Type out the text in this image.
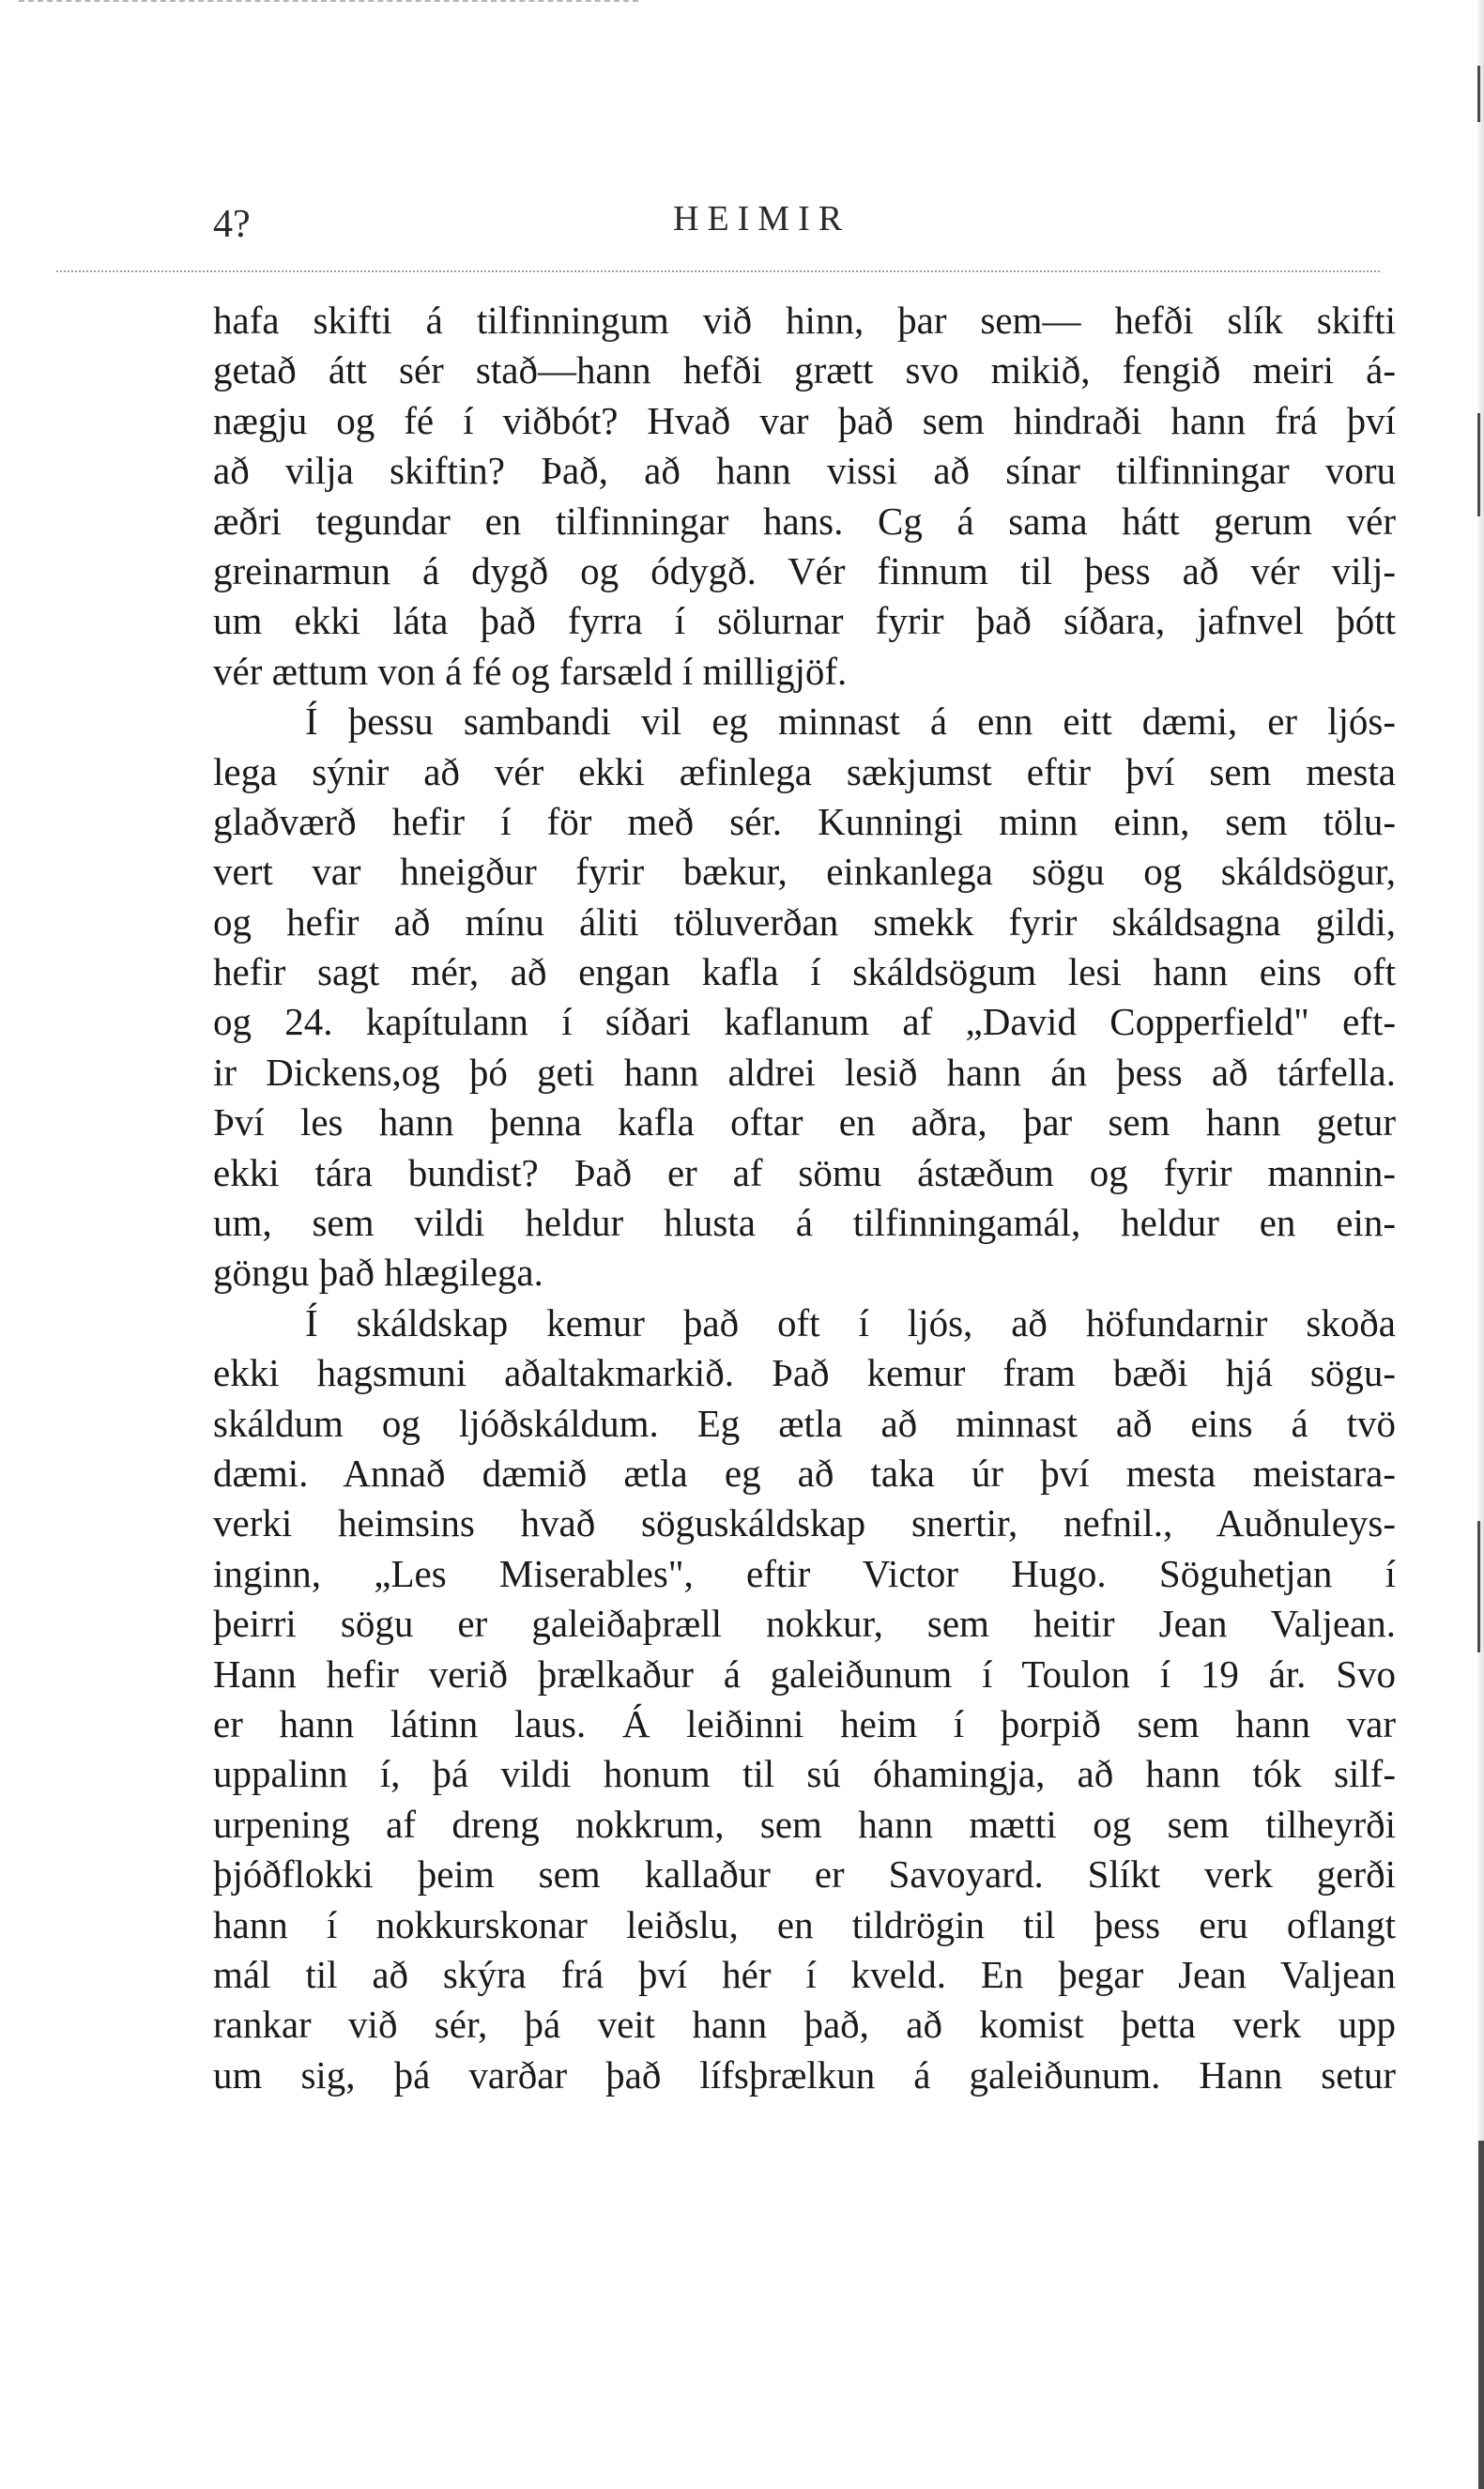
4?	HEIMIR
hafa skifti á tilfinningum við hinn, þar sem— hefði slík skifti
getað átt sér stað—hann hefði grætt svo mikið, fengið meiri á-
nægju og fé í viðbót? Hvað var það sem hindraði hann frá því
að vilja skiftin? Það, að hann vissi að sínar tilfinningar voru
æðri tegundar en tilfinningar hans. Cg á sama hátt gerum vér
greinarmun á dygð og ódygð. Vér finnum til þess að vér vilj-
um ekki láta það fyrra í sölurnar fyrir það síðara, jafnvel þótt
vér ættum von á fé og farsæld í milligjöf.
Í þessu sambandi vil eg minnast á enn eitt dæmi, er ljós-
lega sýnir að vér ekki æfinlega sækjumst eftir því sem mesta
glaðværð hefir í för með sér. Kunningi minn einn, sem tölu-
vert var hneigður fyrir bækur, einkanlega sögu og skáldsögur,
og hefir að mínu áliti töluverðan smekk fyrir skáldsagna gildi,
hefir sagt mér, að engan kafla í skáldsögum lesi hann eins oft
og 24. kapítulann í síðari kaflanum af „David Copperfield" eft-
ir Dickens,og þó geti hann aldrei lesið hann án þess að tárfella.
Því les hann þenna kafla oftar en aðra, þar sem hann getur
ekki tára bundist? Það er af sömu ástæðum og fyrir mannin-
um, sem vildi heldur hlusta á tilfinningamál, heldur en ein-
göngu það hlægilega.
Í skáldskap kemur það oft í ljós, að höfundarnir skoða
ekki hagsmuni aðaltakmarkið. Það kemur fram bæði hjá sögu-
skáldum og ljóðskáldum. Eg ætla að minnast að eins á tvö
dæmi. Annað dæmið ætla eg að taka úr því mesta meistara-
verki heimsins hvað söguskáldskap snertir, nefnil., Auðnuleys-
inginn, „Les Miserables", eftir Victor Hugo. Söguhetjan í
þeirri sögu er galeiðaþræll nokkur, sem heitir Jean Valjean.
Hann hefir verið þrælkaður á galeiðunum í Toulon í 19 ár. Svo
er hann látinn laus. Á leiðinni heim í þorpið sem hann var
uppalinn í, þá vildi honum til sú óhamingja, að hann tók silf-
urpening af dreng nokkrum, sem hann mætti og sem tilheyrði
þjóðflokki þeim sem kallaður er Savoyard. Slíkt verk gerði
hann í nokkurskonar leiðslu, en tildrögin til þess eru oflangt
mál til að skýra frá því hér í kveld. En þegar Jean Valjean
rankar við sér, þá veit hann það, að komist þetta verk upp
um sig, þá varðar það lífsþrælkun á galeiðunum. Hann setur
